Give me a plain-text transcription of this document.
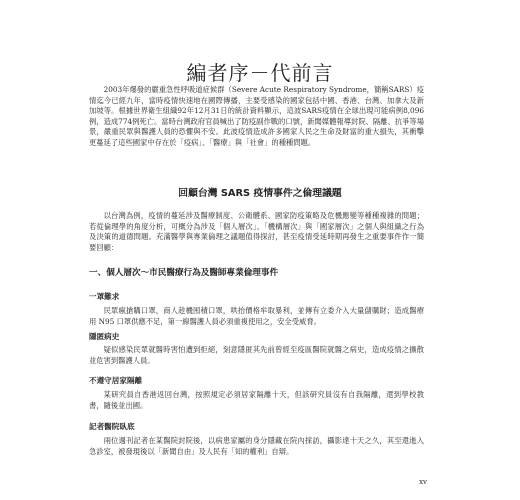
編者序－代前言

2003年爆發的嚴重急性呼吸道症候群（Severe Acute Respiratory Syndrome，簡稱SARS）疫情迄今已經九年，當時疫情快速地在國際傳播，主要受感染的國家包括中國、香港、台灣、加拿大及新加坡等。根據世界衛生組織92年12月31日的統計資料顯示，這波SARS疫情在全球出現可能病例8,096例，造成774例死亡。當時台灣政府官員喊出了防疫副作戰的口號，新聞媒體報導封院、隔離、抗爭等場景，嚴重民眾與醫護人員的恐懼與不安。此波疫情造成許多國家人民之生命及財富的重大損失，其衝擊更蔓延了這些國家中存在於「疫病」、「醫療」與「社會」的種種問題。

回顧台灣 SARS 疫情事件之倫理議題

以台灣為例，疫情的蔓延涉及醫療制度、公衛體系、國家防疫策略及危機應變等種種複雜的問題；若從倫理學的角度分析，可概分為涉及「個人層次」、「機構層次」與「國家層次」之個人與組織之行為及決策的道德問題。充滿醫學與專業倫理之議題值得探討，甚至疫情受延時期再發生之重要事件作一簡要回顧：

一、個人層次～市民醫療行為及醫師專業倫理事件
一罩難求

民眾瘋搶購口罩，商人趁機囤積口罩，哄抬價格牟取暴利，並傳有立委介入大量儲購財；造成醫療用 N95 口罩供應不足，第一線醫護人員必須重複使用之，安全受威脅。

隱匿病史

疑似感染民眾就醫時害怕遭到拒絕，刻意隱匿其先前曾經至疫區醫院就醫之病史，造成疫情之擴散並危害到醫護人員。

不遵守居家隔離

某研究員自香港返回台灣，按照規定必須居家隔離十天，但該研究員沒有自我隔離，還到學校教書，隨後並出國。

記者醫院臥底

兩位週刊記者在某醫院封院後，以病患家屬的身分隱藏在院內採訪，攝影達十天之久，其至還進入急診室，被發現後以「新聞自由」及人民有「知的權利」自辯。

xv
